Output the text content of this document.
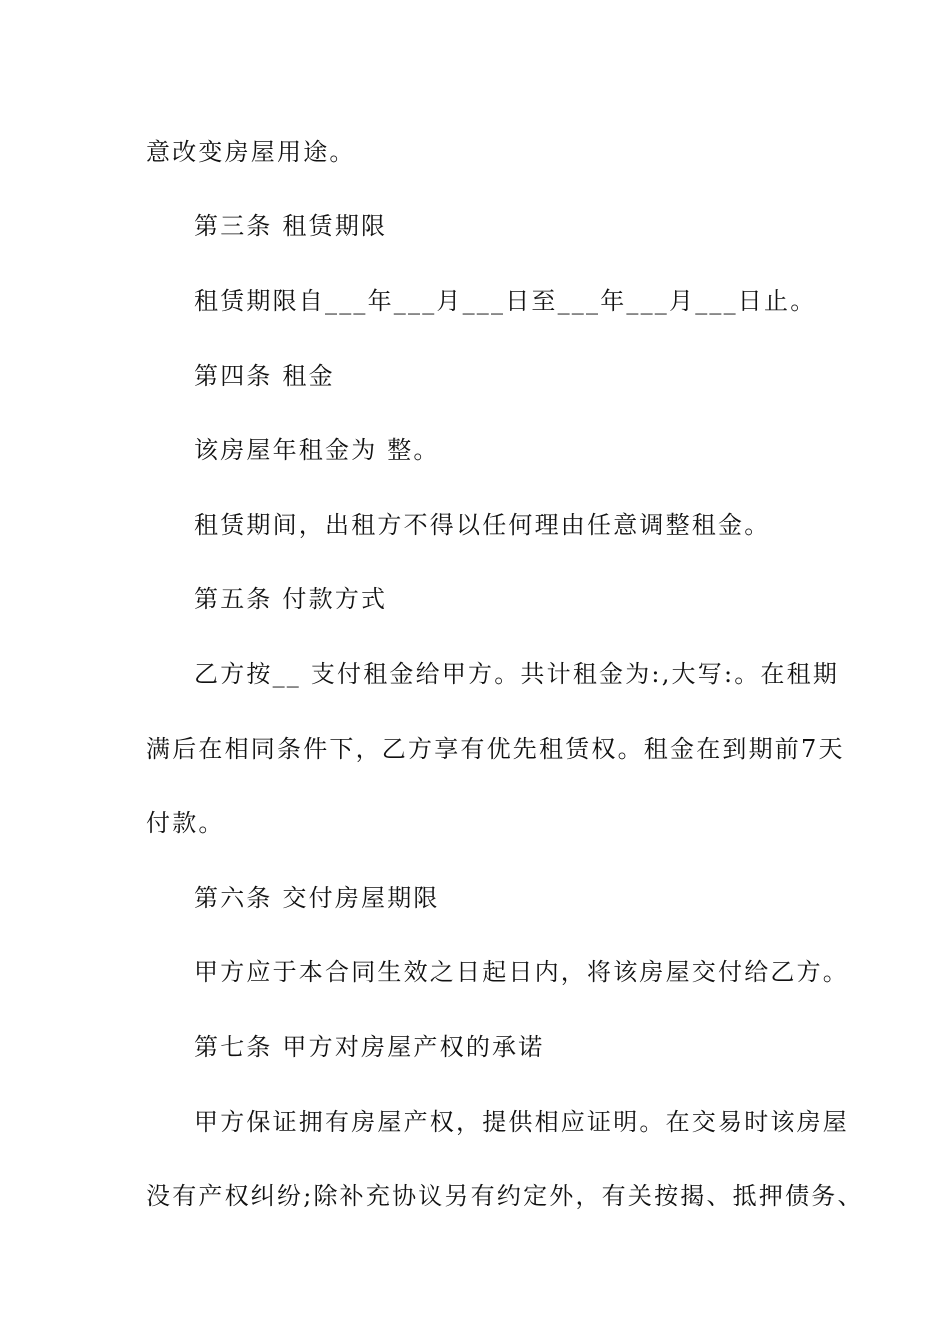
意改变房屋用途。
第三条 租赁期限
租赁期限自___年___月___日至___年___月___日止。
第四条 租金
该房屋年租金为 整。
租赁期间，出租方不得以任何理由任意调整租金。
第五条 付款方式
乙方按__ 支付租金给甲方。共计租金为:,大写:。在租期
满后在相同条件下，乙方享有优先租赁权。租金在到期前7天
付款。
第六条 交付房屋期限
甲方应于本合同生效之日起日内，将该房屋交付给乙方。
第七条 甲方对房屋产权的承诺
甲方保证拥有房屋产权，提供相应证明。在交易时该房屋
没有产权纠纷;除补充协议另有约定外，有关按揭、抵押债务、
